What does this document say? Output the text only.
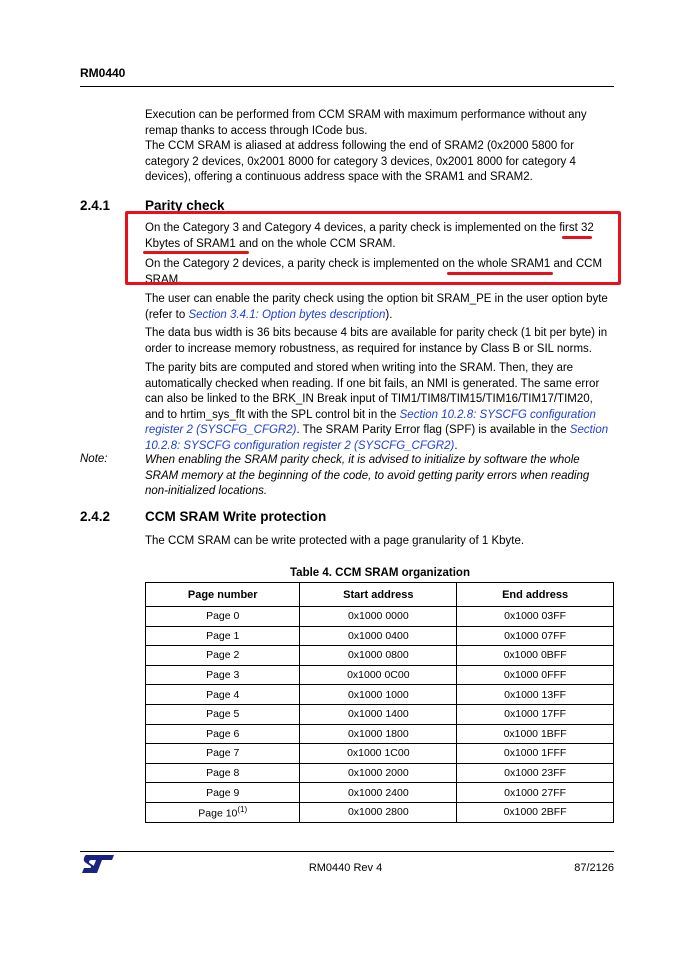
RM0440
Execution can be performed from CCM SRAM with maximum performance without any remap thanks to access through ICode bus.
The CCM SRAM is aliased at address following the end of SRAM2 (0x2000 5800 for category 2 devices, 0x2001 8000 for category 3 devices, 0x2001 8000 for category 4 devices), offering a continuous address space with the SRAM1 and SRAM2.
2.4.1	Parity check
On the Category 3 and Category 4 devices, a parity check is implemented on the first 32 Kbytes of SRAM1 and on the whole CCM SRAM.
On the Category 2 devices, a parity check is implemented on the whole SRAM1 and CCM SRAM.
The user can enable the parity check using the option bit SRAM_PE in the user option byte (refer to Section 3.4.1: Option bytes description).
The data bus width is 36 bits because 4 bits are available for parity check (1 bit per byte) in order to increase memory robustness, as required for instance by Class B or SIL norms.
The parity bits are computed and stored when writing into the SRAM. Then, they are automatically checked when reading. If one bit fails, an NMI is generated. The same error can also be linked to the BRK_IN Break input of TIM1/TIM8/TIM15/TIM16/TIM17/TIM20, and to hrtim_sys_flt with the SPL control bit in the Section 10.2.8: SYSCFG configuration register 2 (SYSCFG_CFGR2). The SRAM Parity Error flag (SPF) is available in the Section 10.2.8: SYSCFG configuration register 2 (SYSCFG_CFGR2).
Note:	When enabling the SRAM parity check, it is advised to initialize by software the whole SRAM memory at the beginning of the code, to avoid getting parity errors when reading non-initialized locations.
2.4.2	CCM SRAM Write protection
The CCM SRAM can be write protected with a page granularity of 1 Kbyte.
Table 4. CCM SRAM organization
Page number	Start address	End address
Page 0	0x1000 0000	0x1000 03FF
Page 1	0x1000 0400	0x1000 07FF
Page 2	0x1000 0800	0x1000 0BFF
Page 3	0x1000 0C00	0x1000 0FFF
Page 4	0x1000 1000	0x1000 13FF
Page 5	0x1000 1400	0x1000 17FF
Page 6	0x1000 1800	0x1000 1BFF
Page 7	0x1000 1C00	0x1000 1FFF
Page 8	0x1000 2000	0x1000 23FF
Page 9	0x1000 2400	0x1000 27FF
Page 10$^{(1)}$	0x1000 2800	0x1000 2BFF
RM0440 Rev 4	87/2126
